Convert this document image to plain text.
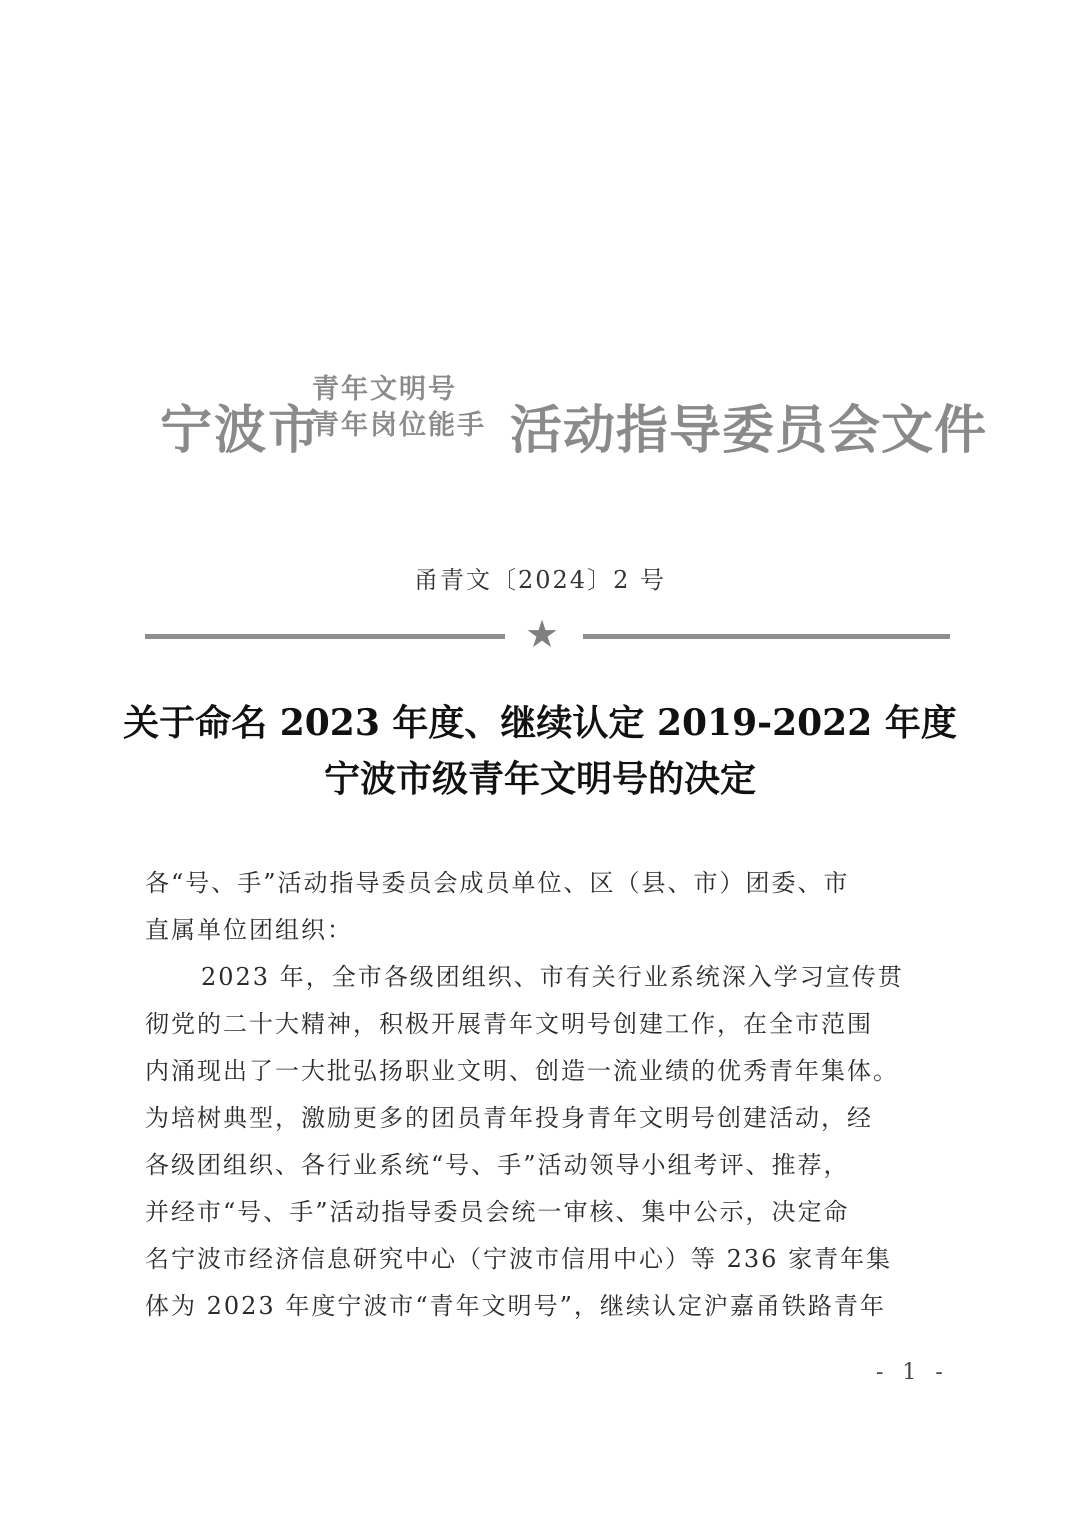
宁波市
青年文明号
青年岗位能手 活动指导委员会文件
甬青文〔2024〕2 号
★
关于命名 2023 年度、继续认定 2019-2022 年度
宁波市级青年文明号的决定
各“号、手”活动指导委员会成员单位、区（县、市）团委、市
直属单位团组织：
2023 年，全市各级团组织、市有关行业系统深入学习宣传贯
彻党的二十大精神，积极开展青年文明号创建工作，在全市范围
内涌现出了一大批弘扬职业文明、创造一流业绩的优秀青年集体。
为培树典型，激励更多的团员青年投身青年文明号创建活动，经
各级团组织、各行业系统“号、手”活动领导小组考评、推荐，
并经市“号、手”活动指导委员会统一审核、集中公示，决定命
名宁波市经济信息研究中心（宁波市信用中心）等 236 家青年集
体为 2023 年度宁波市“青年文明号”，继续认定沪嘉甬铁路青年
- 1 -
